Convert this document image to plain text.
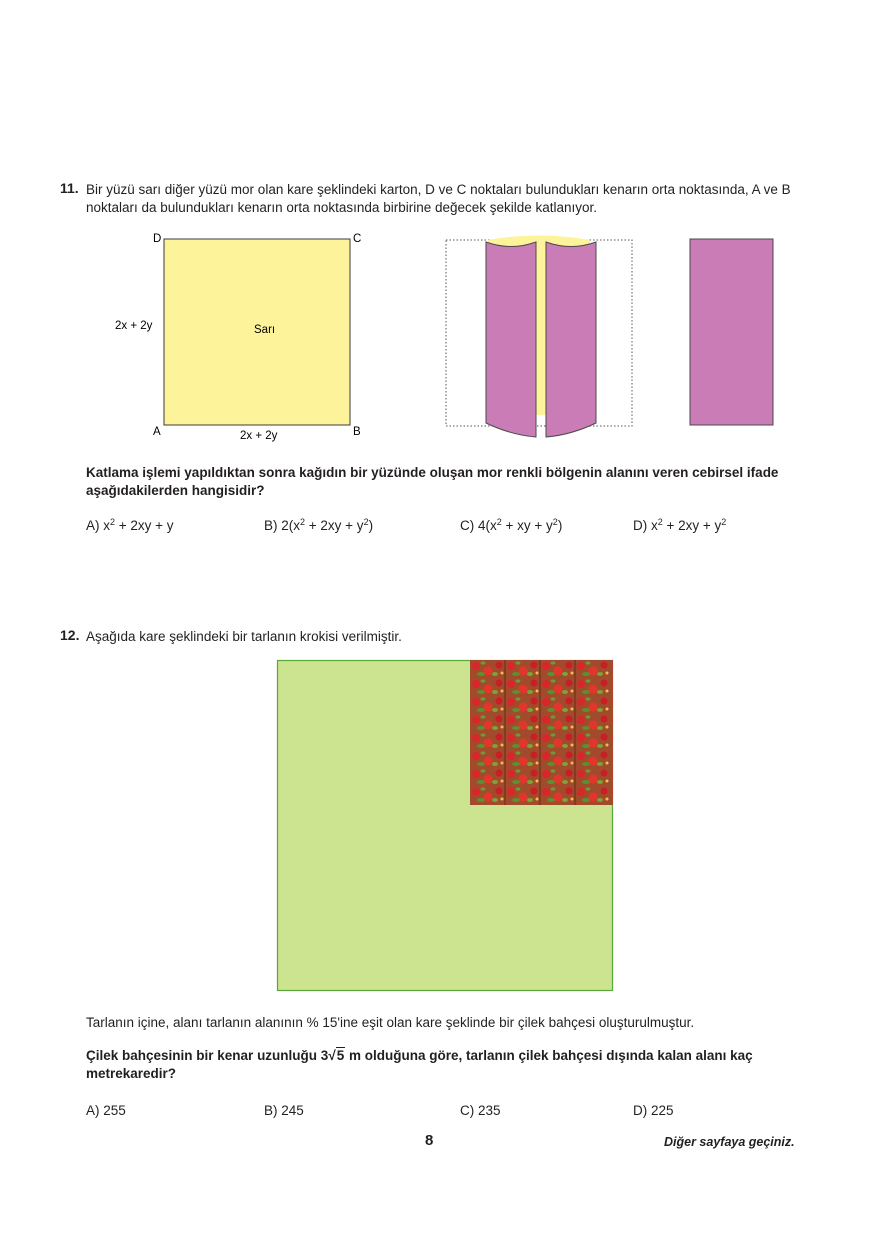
11. Bir yüzü sarı diğer yüzü mor olan kare şeklindeki karton, D ve C noktaları bulundukları kenarın orta noktasında, A ve B noktaları da bulundukları kenarın orta noktasında birbirine değecek şekilde katlanıyor.
D	C
A	B
2x + 2y
2x + 2y
Sarı
Katlama işlemi yapıldıktan sonra kağıdın bir yüzünde oluşan mor renkli bölgenin alanını veren cebirsel ifade aşağıdakilerden hangisidir?
A) $x^2 + 2xy + y$	B) $2(x^2 + 2xy + y^2)$	C) $4(x^2$ + xy + $y^2$)	D) $x^2 + 2xy + y^2$
12. Aşağıda kare şeklindeki bir tarlanın krokisi verilmiştir.
Tarlanın içine, alanı tarlanın alanının % 15'ine eşit olan kare şeklinde bir çilek bahçesi oluşturulmuştur.
Çilek bahçesinin bir kenar uzunluğu 3√5 m olduğuna göre, tarlanın çilek bahçesi dışında kalan alanı kaç metrekaredir?
A) 255	B) 245	C) 235	D) 225
8	Diğer sayfaya geçiniz.
